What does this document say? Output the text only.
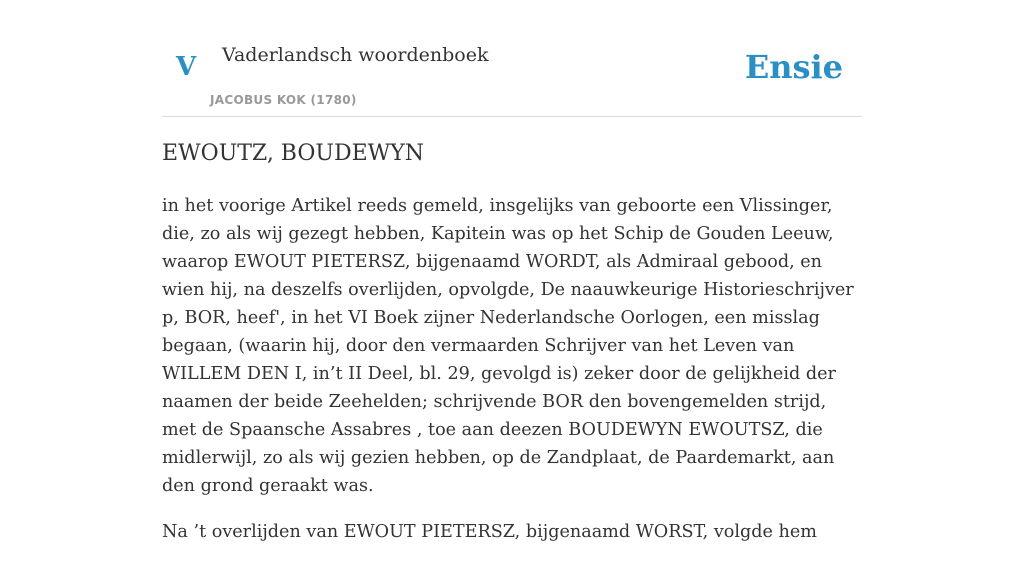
V Vaderlandsch woordenboek
JACOBUS KOK (1780)
Ensie
EWOUTZ, BOUDEWYN

in het voorige Artikel reeds gemeld, insgelijks van geboorte een Vlissinger, die, zo als wij gezegt hebben, Kapitein was op het Schip de Gouden Leeuw, waarop EWOUT PIETERSZ, bijgenaamd WORDT, als Admiraal gebood, en wien hij, na deszelfs overlijden, opvolgde, De naauwkeurige Historieschrijver p, BOR, heef', in het VI Boek zijner Nederlandsche Oorlogen, een misslag begaan, (waarin hij, door den vermaarden Schrijver van het Leven van WILLEM DEN I, in’t II Deel, bl. 29, gevolgd is) zeker door de gelijkheid der naamen der beide Zeehelden; schrijvende BOR den bovengemelden strijd, met de Spaansche Assabres , toe aan deezen BOUDEWYN EWOUTSZ, die midlerwijl, zo als wij gezien hebben, op de Zandplaat, de Paardemarkt, aan den grond geraakt was.

Na ’t overlijden van EWOUT PIETERSZ, bijgenaamd WORST, volgde hem
